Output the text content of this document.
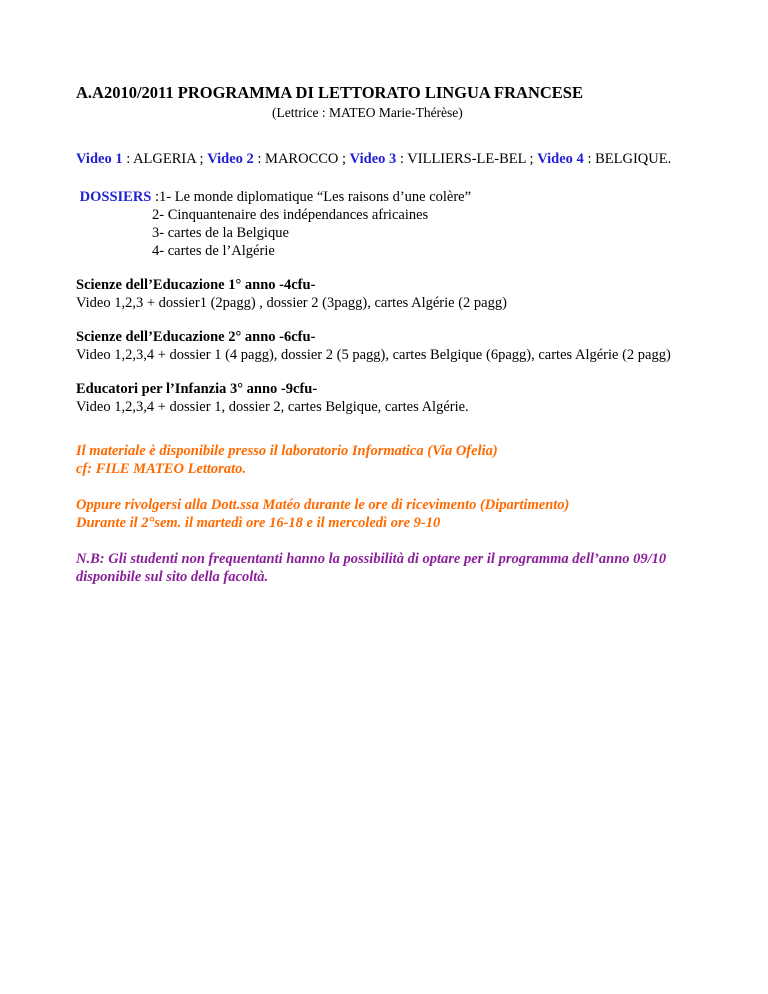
A.A2010/2011 PROGRAMMA DI LETTORATO LINGUA FRANCESE
(Lettrice : MATEO Marie-Thérèse)
Video 1 : ALGERIA ; Video 2 : MAROCCO ; Video 3 : VILLIERS-LE-BEL ; Video 4 : BELGIQUE.
DOSSIERS : 1- Le monde diplomatique “Les raisons d’une colère”
2- Cinquantenaire des indépendances africaines
3- cartes de la Belgique
4- cartes de l’Algérie
Scienze dell’Educazione 1° anno -4cfu-
Video 1,2,3 + dossier1 (2pagg) , dossier 2 (3pagg), cartes Algérie (2 pagg)
Scienze dell’Educazione 2° anno -6cfu-
Video 1,2,3,4 + dossier 1 (4 pagg), dossier 2 (5 pagg), cartes Belgique (6pagg), cartes Algérie (2 pagg)
Educatori per l’Infanzia 3° anno -9cfu-
Video 1,2,3,4 + dossier 1, dossier 2, cartes Belgique, cartes Algérie.
Il materiale è disponibile presso il laboratorio Informatica (Via Ofelia)
cf: FILE MATEO Lettorato.
Oppure rivolgersi alla Dott.ssa Matéo durante le ore di ricevimento (Dipartimento)
Durante il 2°sem. il martedì ore 16-18 e il mercoledì ore 9-10
N.B: Gli studenti non frequentanti hanno la possibilità di optare per il programma dell’anno 09/10 disponibile sul sito della facoltà.
